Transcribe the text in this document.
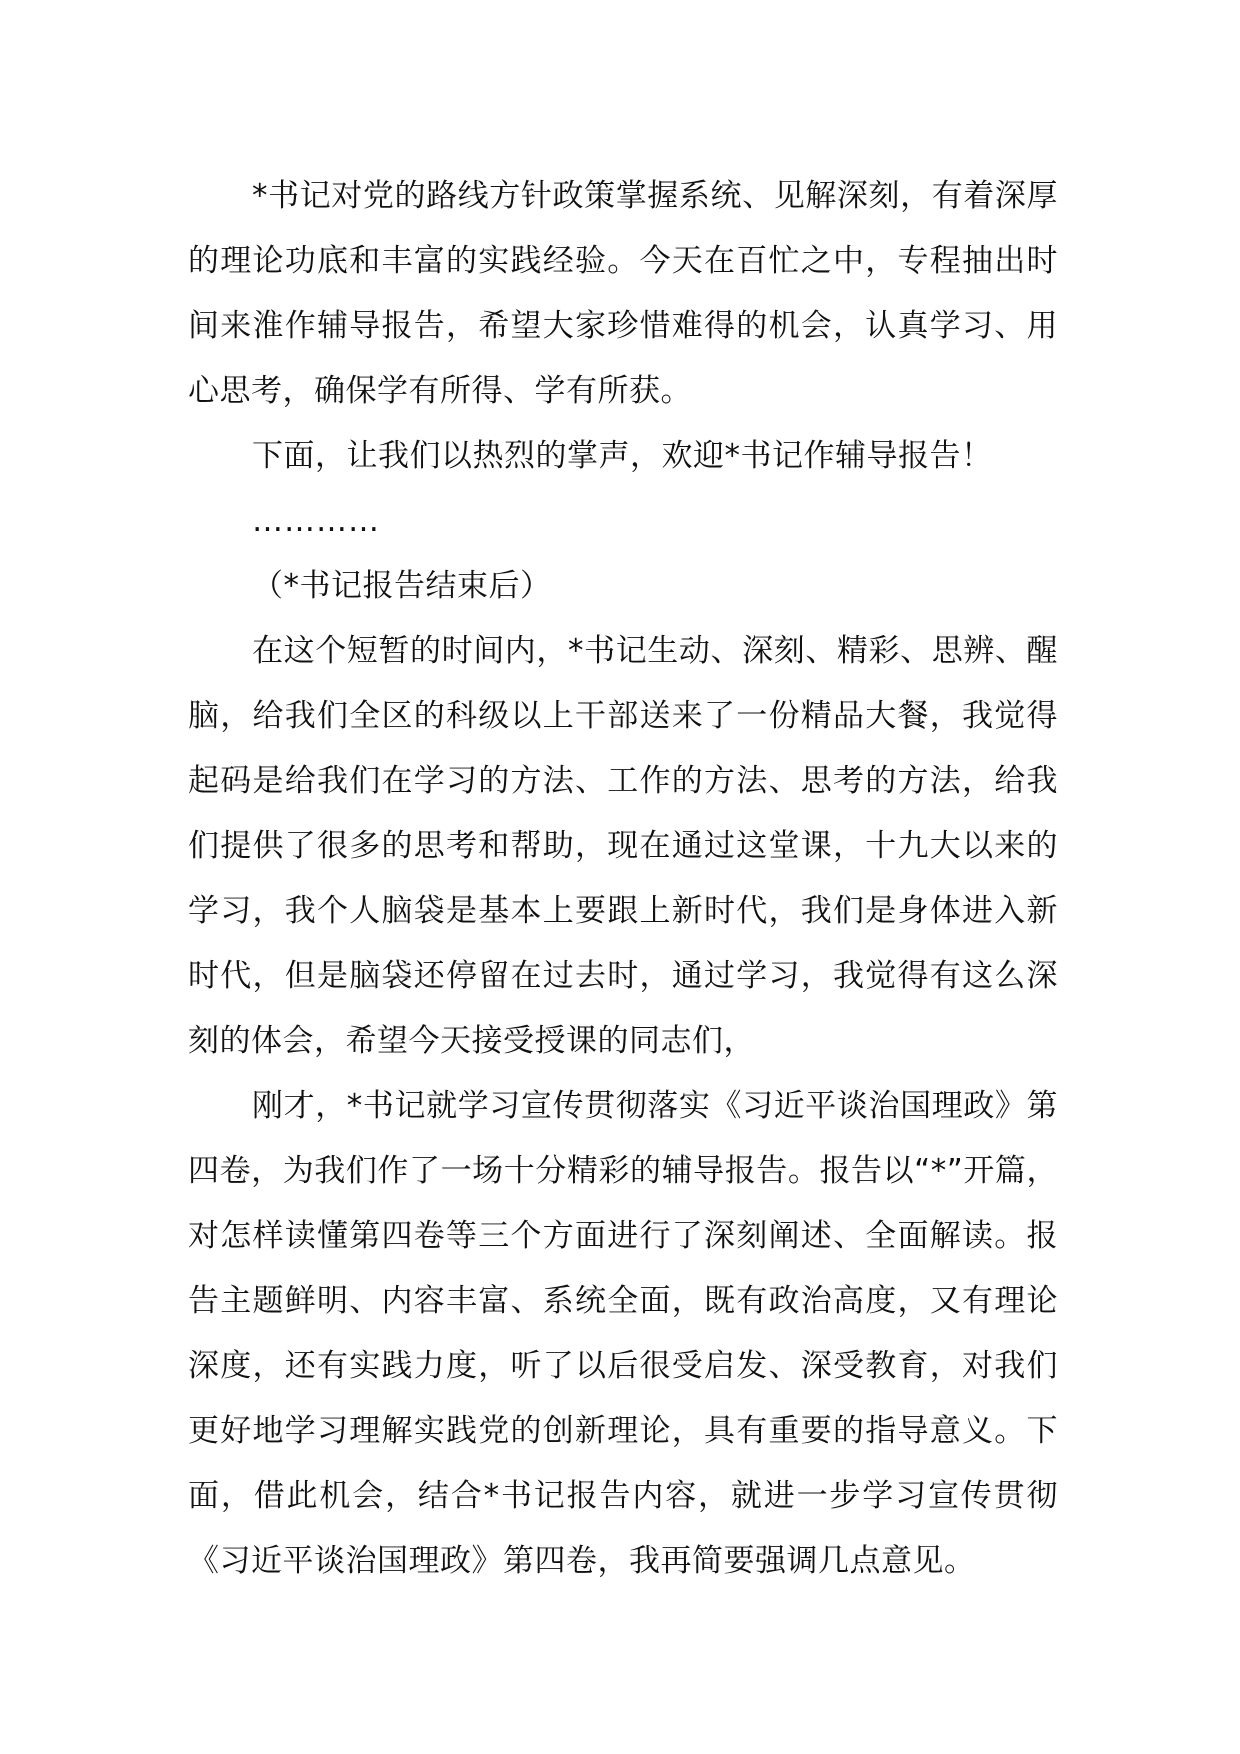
*书记对党的路线方针政策掌握系统、见解深刻，有着深厚的理论功底和丰富的实践经验。今天在百忙之中，专程抽出时间来淮作辅导报告，希望大家珍惜难得的机会，认真学习、用心思考，确保学有所得、学有所获。

下面，让我们以热烈的掌声，欢迎*书记作辅导报告！

…………

（*书记报告结束后）

在这个短暂的时间内，*书记生动、深刻、精彩、思辨、醒脑，给我们全区的科级以上干部送来了一份精品大餐，我觉得起码是给我们在学习的方法、工作的方法、思考的方法，给我们提供了很多的思考和帮助，现在通过这堂课，十九大以来的学习，我个人脑袋是基本上要跟上新时代，我们是身体进入新时代，但是脑袋还停留在过去时，通过学习，我觉得有这么深刻的体会，希望今天接受授课的同志们，

刚才，*书记就学习宣传贯彻落实《习近平谈治国理政》第四卷，为我们作了一场十分精彩的辅导报告。报告以“*”开篇，对怎样读懂第四卷等三个方面进行了深刻阐述、全面解读。报告主题鲜明、内容丰富、系统全面，既有政治高度，又有理论深度，还有实践力度，听了以后很受启发、深受教育，对我们更好地学习理解实践党的创新理论，具有重要的指导意义。下面，借此机会，结合*书记报告内容，就进一步学习宣传贯彻《习近平谈治国理政》第四卷，我再简要强调几点意见。
